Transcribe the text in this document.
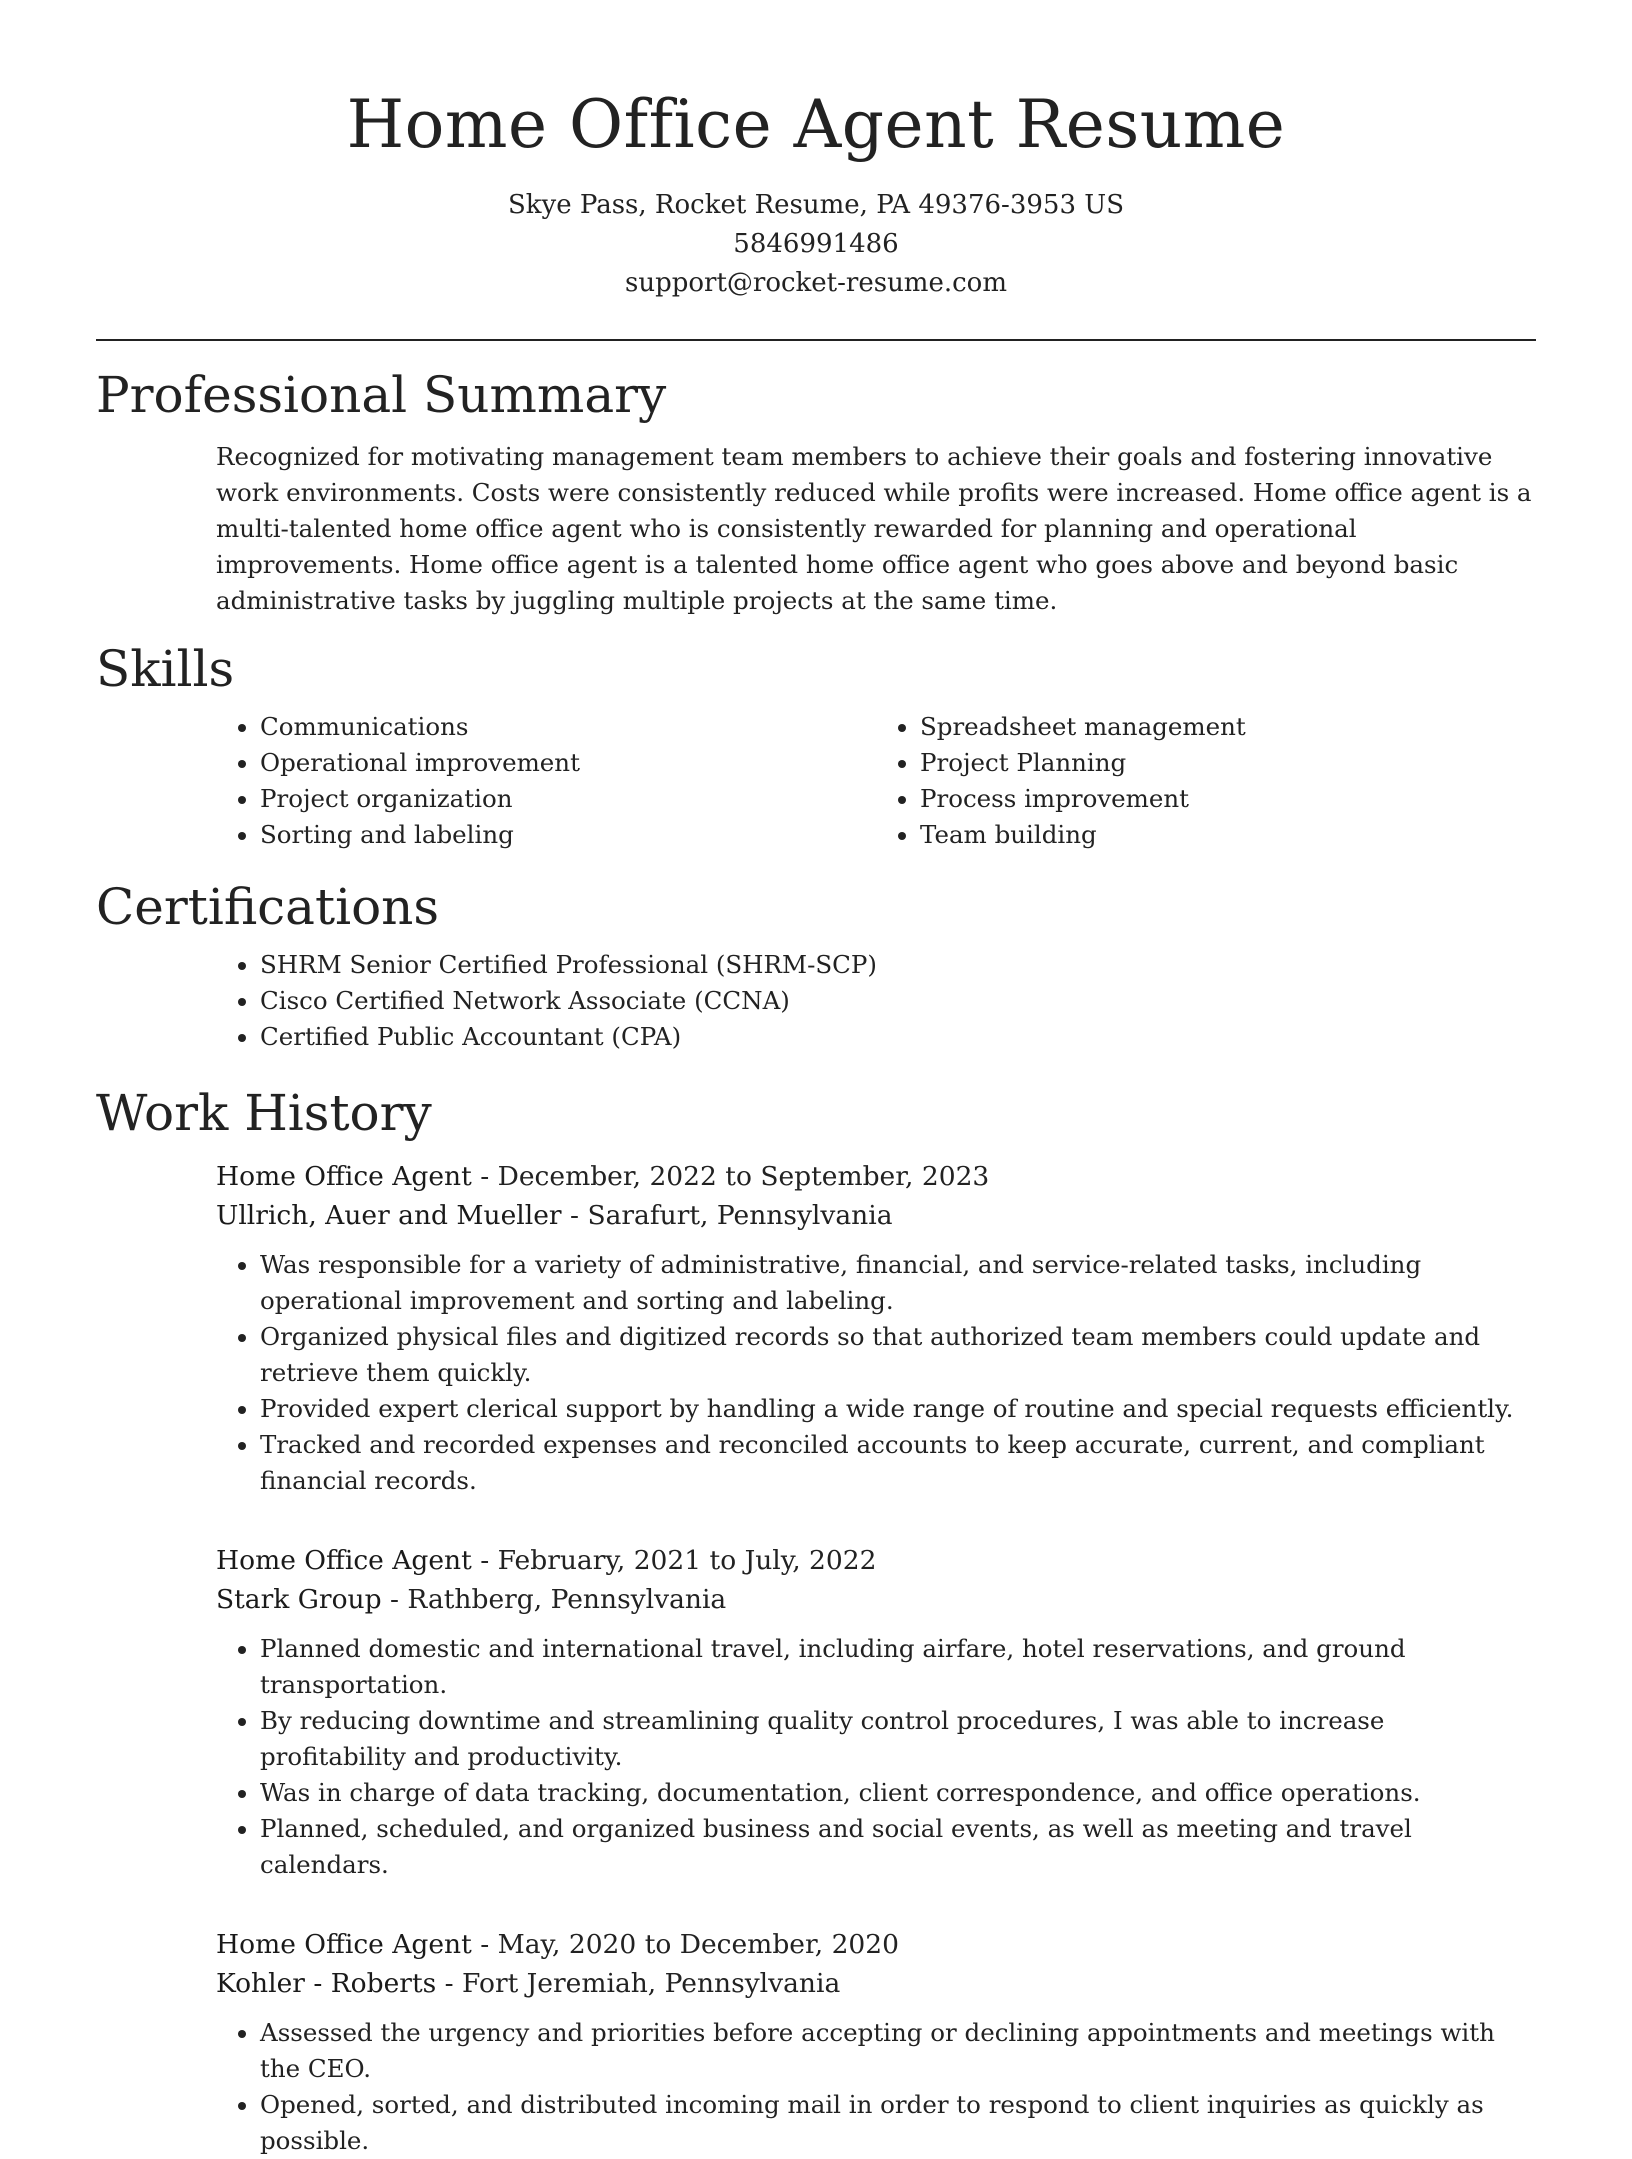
Home Office Agent Resume
Skye Pass, Rocket Resume, PA 49376-3953 US
5846991486
support@rocket-resume.com
Professional Summary
Recognized for motivating management team members to achieve their goals and fostering innovative work environments. Costs were consistently reduced while profits were increased. Home office agent is a multi-talented home office agent who is consistently rewarded for planning and operational improvements. Home office agent is a talented home office agent who goes above and beyond basic administrative tasks by juggling multiple projects at the same time.
Skills
• Communications
• Operational improvement
• Project organization
• Sorting and labeling
• Spreadsheet management
• Project Planning
• Process improvement
• Team building
Certifications
• SHRM Senior Certified Professional (SHRM-SCP)
• Cisco Certified Network Associate (CCNA)
• Certified Public Accountant (CPA)
Work History
Home Office Agent - December, 2022 to September, 2023
Ullrich, Auer and Mueller - Sarafurt, Pennsylvania
• Was responsible for a variety of administrative, financial, and service-related tasks, including operational improvement and sorting and labeling.
• Organized physical files and digitized records so that authorized team members could update and retrieve them quickly.
• Provided expert clerical support by handling a wide range of routine and special requests efficiently.
• Tracked and recorded expenses and reconciled accounts to keep accurate, current, and compliant financial records.
Home Office Agent - February, 2021 to July, 2022
Stark Group - Rathberg, Pennsylvania
• Planned domestic and international travel, including airfare, hotel reservations, and ground transportation.
• By reducing downtime and streamlining quality control procedures, I was able to increase profitability and productivity.
• Was in charge of data tracking, documentation, client correspondence, and office operations.
• Planned, scheduled, and organized business and social events, as well as meeting and travel calendars.
Home Office Agent - May, 2020 to December, 2020
Kohler - Roberts - Fort Jeremiah, Pennsylvania
• Assessed the urgency and priorities before accepting or declining appointments and meetings with the CEO.
• Opened, sorted, and distributed incoming mail in order to respond to client inquiries as quickly as possible.
